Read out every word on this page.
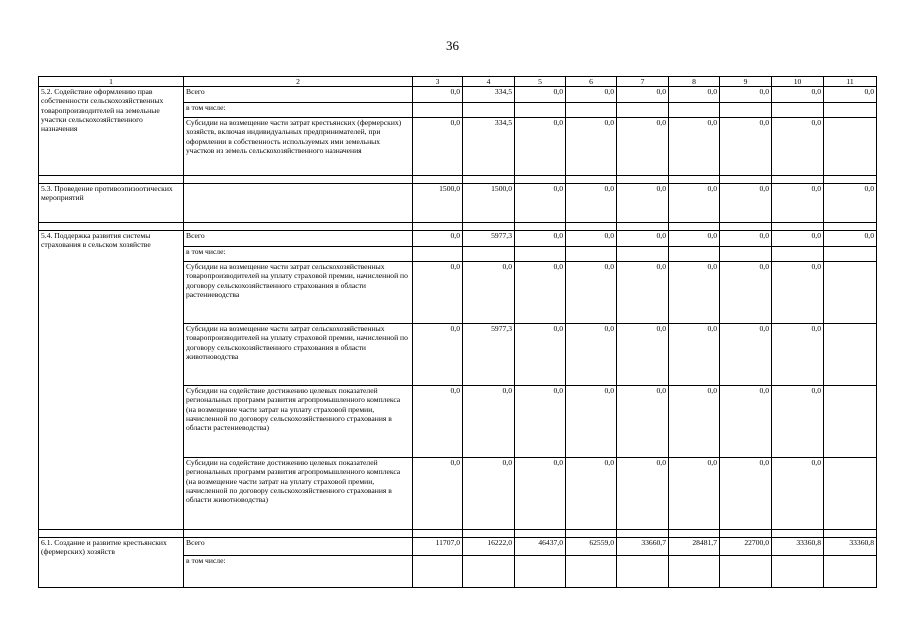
36
1	2	3	4	5	6	7	8	9	10	11
5.2. Содействие оформлению прав собственности сельскохозяйственных товаропроизводителей на земельные участки сельскохозяйственного назначения	Всего	0,0	334,5	0,0	0,0	0,0	0,0	0,0	0,0	0,0
	в том числе:									
	Субсидии на возмещение части затрат крестьянских (фермерских) хозяйств, включая индивидуальных предпринимателей, при оформлении в собственность используемых ими земельных участков из земель сельскохозяйственного назначения	0,0	334,5	0,0	0,0	0,0	0,0	0,0	0,0	

5.3. Проведение противоэпизоотических мероприятий		1500,0	1500,0	0,0	0,0	0,0	0,0	0,0	0,0	0,0

5.4. Поддержка развития системы страхования в сельском хозяйстве	Всего	0,0	5977,3	0,0	0,0	0,0	0,0	0,0	0,0	0,0
	в том числе:									
	Субсидии на возмещение части затрат сельскохозяйственных товаропроизводителей на уплату страховой премии, начисленной по договору сельскохозяйственного страхования в области растениеводства	0,0	0,0	0,0	0,0	0,0	0,0	0,0	0,0	
	Субсидии на возмещение части затрат сельскохозяйственных товаропроизводителей на уплату страховой премии, начисленной по договору сельскохозяйственного страхования в области животноводства	0,0	5977,3	0,0	0,0	0,0	0,0	0,0	0,0	
	Субсидии на содействие достижению целевых показателей региональных программ развития агропромышленного комплекса (на возмещение части затрат на уплату страховой премии, начисленной по договору сельскохозяйственного страхования в области растениеводства)	0,0	0,0	0,0	0,0	0,0	0,0	0,0	0,0	
	Субсидии на содействие достижению целевых показателей региональных программ развития агропромышленного комплекса (на возмещение части затрат на уплату страховой премии, начисленной по договору сельскохозяйственного страхования в области животноводства)	0,0	0,0	0,0	0,0	0,0	0,0	0,0	0,0	

6.1. Создание и развитие крестьянских (фермерских) хозяйств	Всего	11707,0	16222,0	46437,0	62559,0	33660,7	28481,7	22700,0	33360,8	33360,8
	в том числе:									
